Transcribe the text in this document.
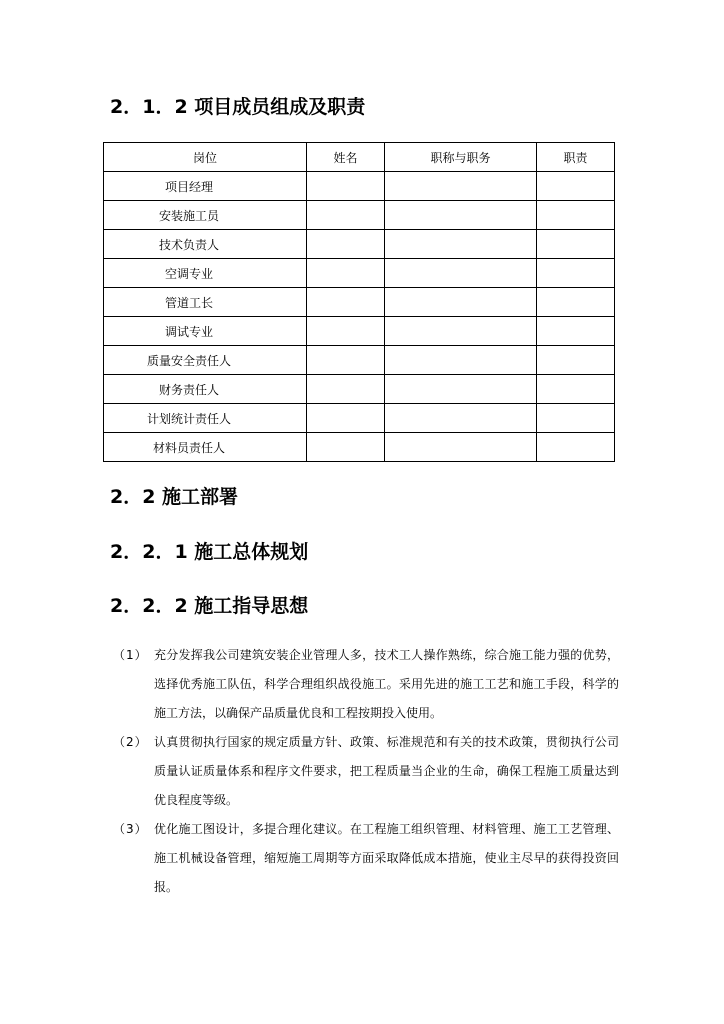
2．1．2 项目成员组成及职责
岗位	姓名	职称与职务	职责

项目经理			

安装施工员			

技术负责人			

空调专业			

管道工长			

调试专业			

质量安全责任人			

财务责任人			

计划统计责任人			

材料员责任人			

2．2 施工部署
2．2．1 施工总体规划
2．2．2 施工指导思想
（1） 充分发挥我公司建筑安装企业管理人多，技术工人操作熟练，综合施工能力强的优势，选择优秀施工队伍，科学合理组织战役施工。采用先进的施工工艺和施工手段，科学的施工方法，以确保产品质量优良和工程按期投入使用。
（2） 认真贯彻执行国家的规定质量方针、政策、标准规范和有关的技术政策，贯彻执行公司质量认证质量体系和程序文件要求，把工程质量当企业的生命，确保工程施工质量达到优良程度等级。
（3） 优化施工图设计，多提合理化建议。在工程施工组织管理、材料管理、施工工艺管理、施工机械设备管理，缩短施工周期等方面采取降低成本措施，使业主尽早的获得投资回报。
